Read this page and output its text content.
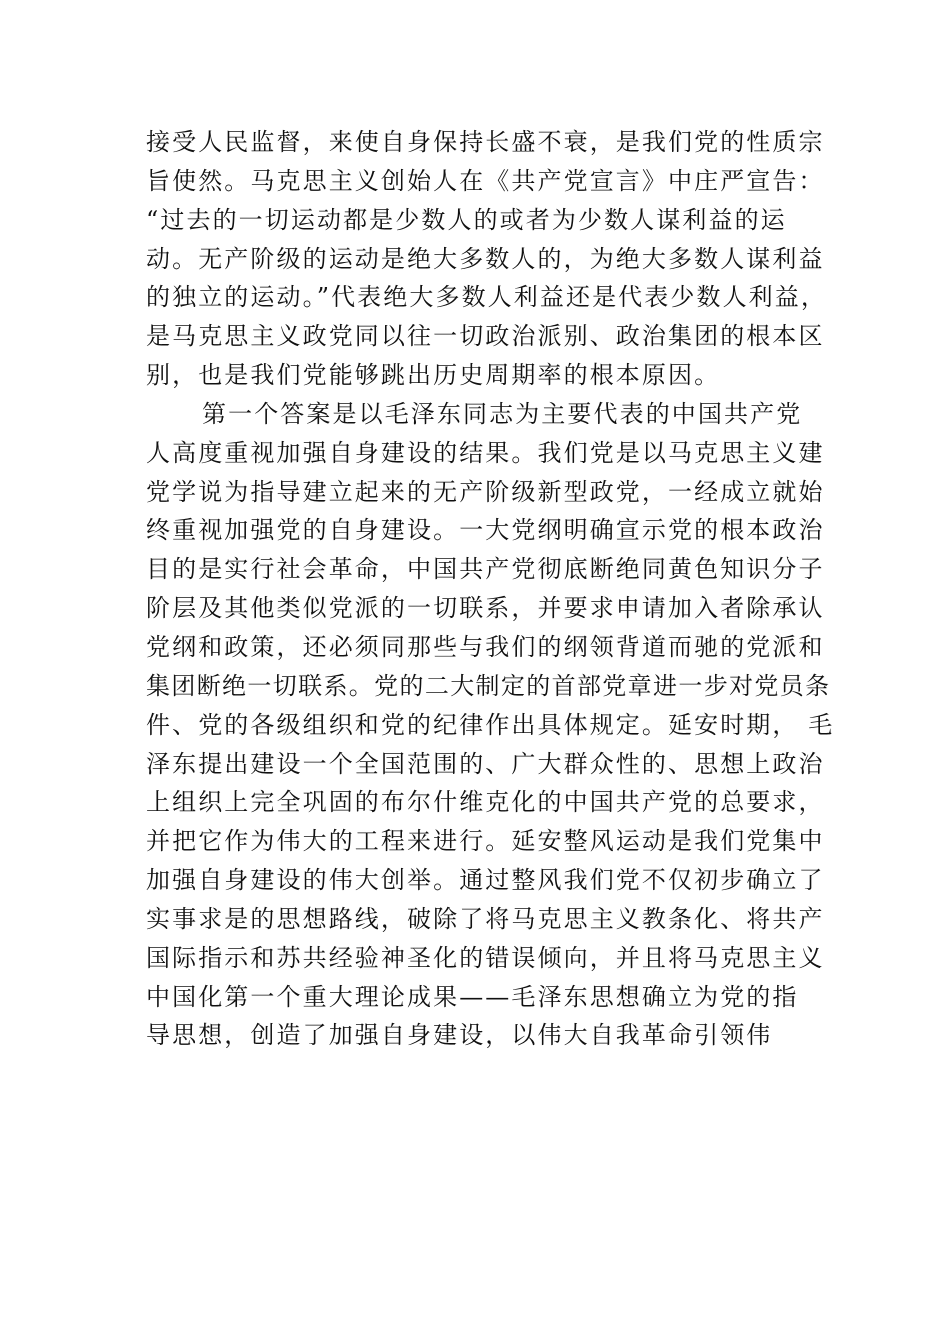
接受人民监督，来使自身保持长盛不衰，是我们党的性质宗
旨使然。马克思主义创始人在《共产党宣言》中庄严宣告：
“过去的一切运动都是少数人的或者为少数人谋利益的运
动。无产阶级的运动是绝大多数人的，为绝大多数人谋利益
的独立的运动。”代表绝大多数人利益还是代表少数人利益，
是马克思主义政党同以往一切政治派别、政治集团的根本区
别，也是我们党能够跳出历史周期率的根本原因。
第一个答案是以毛泽东同志为主要代表的中国共产党
人高度重视加强自身建设的结果。我们党是以马克思主义建
党学说为指导建立起来的无产阶级新型政党，一经成立就始
终重视加强党的自身建设。一大党纲明确宣示党的根本政治
目的是实行社会革命，中国共产党彻底断绝同黄色知识分子
阶层及其他类似党派的一切联系，并要求申请加入者除承认
党纲和政策，还必须同那些与我们的纲领背道而驰的党派和
集团断绝一切联系。党的二大制定的首部党章进一步对党员条
件、党的各级组织和党的纪律作出具体规定。延安时期， 毛
泽东提出建设一个全国范围的、广大群众性的、思想上政治
上组织上完全巩固的布尔什维克化的中国共产党的总要求，
并把它作为伟大的工程来进行。延安整风运动是我们党集中
加强自身建设的伟大创举。通过整风我们党不仅初步确立了
实事求是的思想路线，破除了将马克思主义教条化、将共产
国际指示和苏共经验神圣化的错误倾向，并且将马克思主义
中国化第一个重大理论成果——毛泽东思想确立为党的指
导思想，创造了加强自身建设，以伟大自我革命引领伟
